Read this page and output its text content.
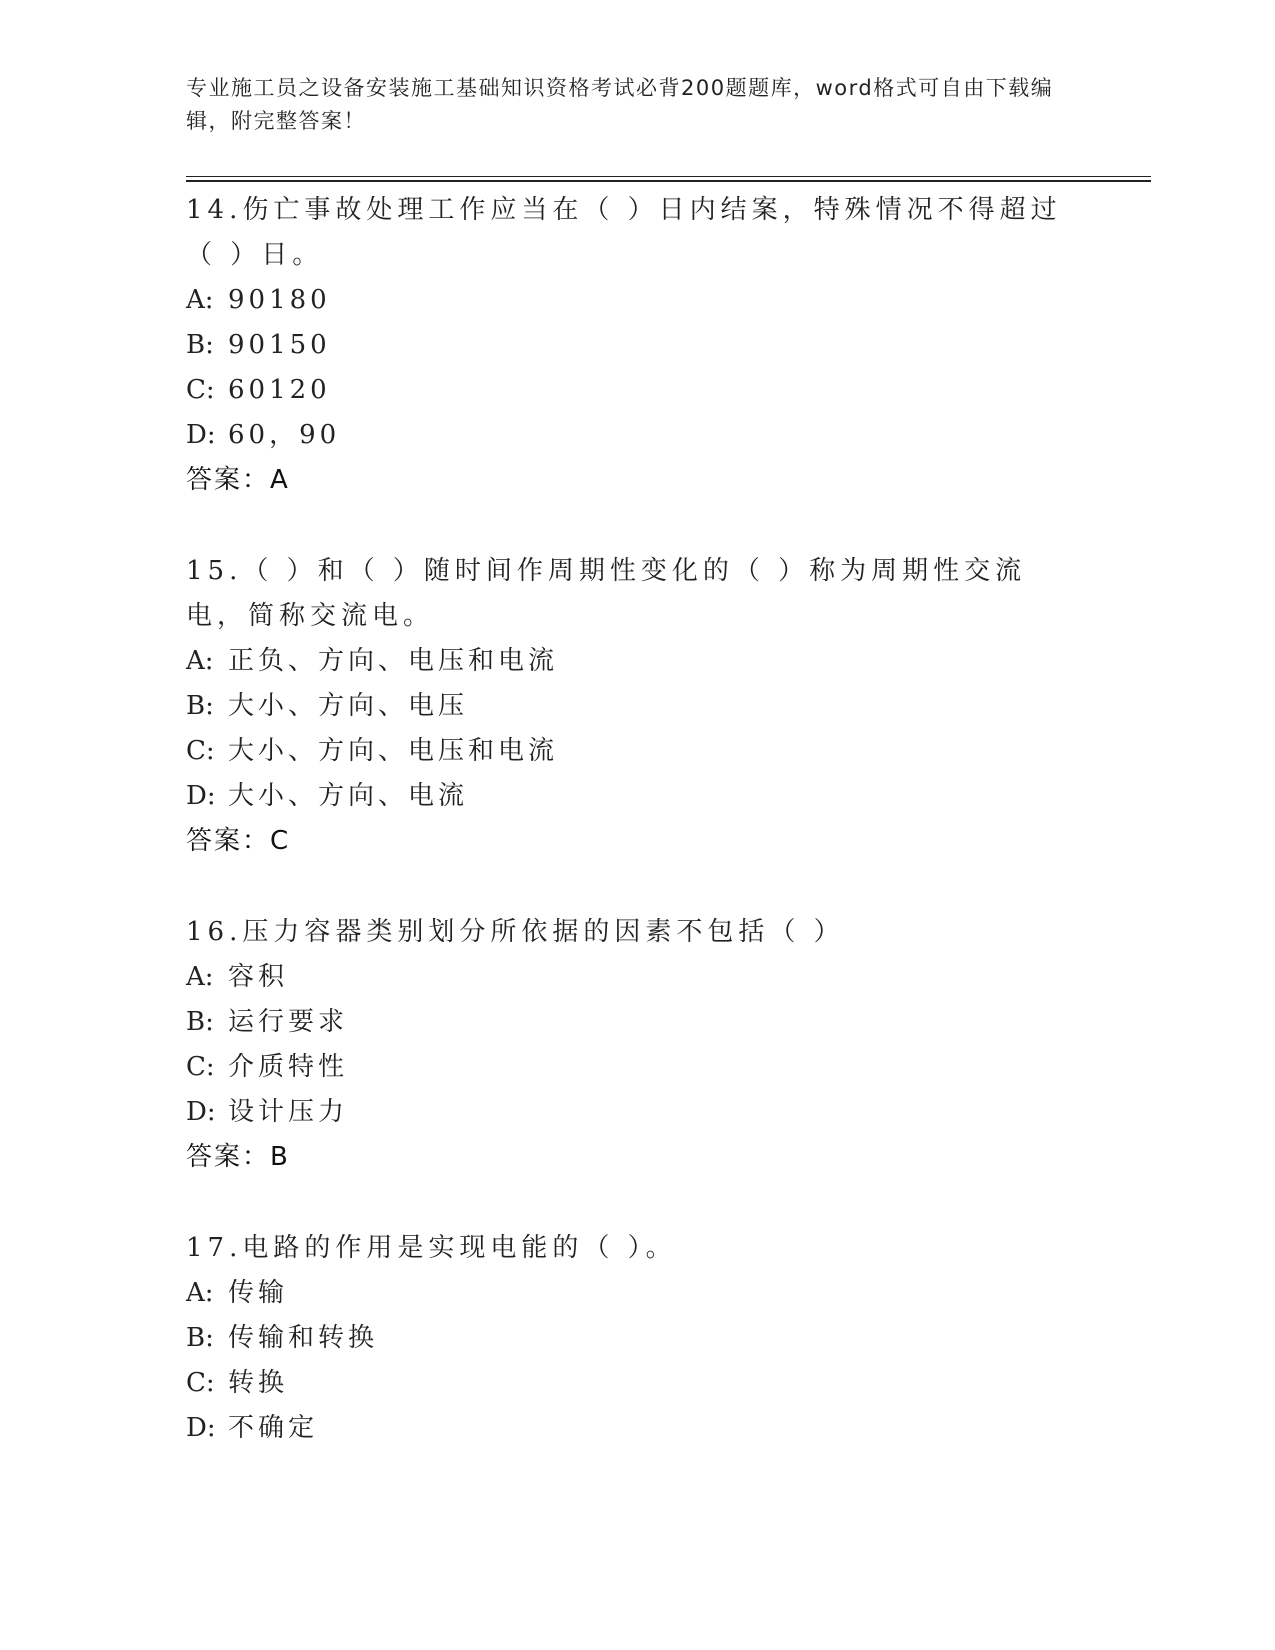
专业施工员之设备安装施工基础知识资格考试必背200题题库，word格式可自由下载编辑，附完整答案！

14.伤亡事故处理工作应当在（ ）日内结案，特殊情况不得超过（ ）日。

A: 90180

B: 90150

C: 60120

D: 60，90

答案：A

15.（ ）和（ ）随时间作周期性变化的（ ）称为周期性交流电，简称交流电。

A: 正负、方向、电压和电流

B: 大小、方向、电压

C: 大小、方向、电压和电流

D: 大小、方向、电流

答案：C

16.压力容器类别划分所依据的因素不包括（ ）

A: 容积

B: 运行要求

C: 介质特性

D: 设计压力

答案：B

17.电路的作用是实现电能的（ ）。

A: 传输

B: 传输和转换

C: 转换

D: 不确定
